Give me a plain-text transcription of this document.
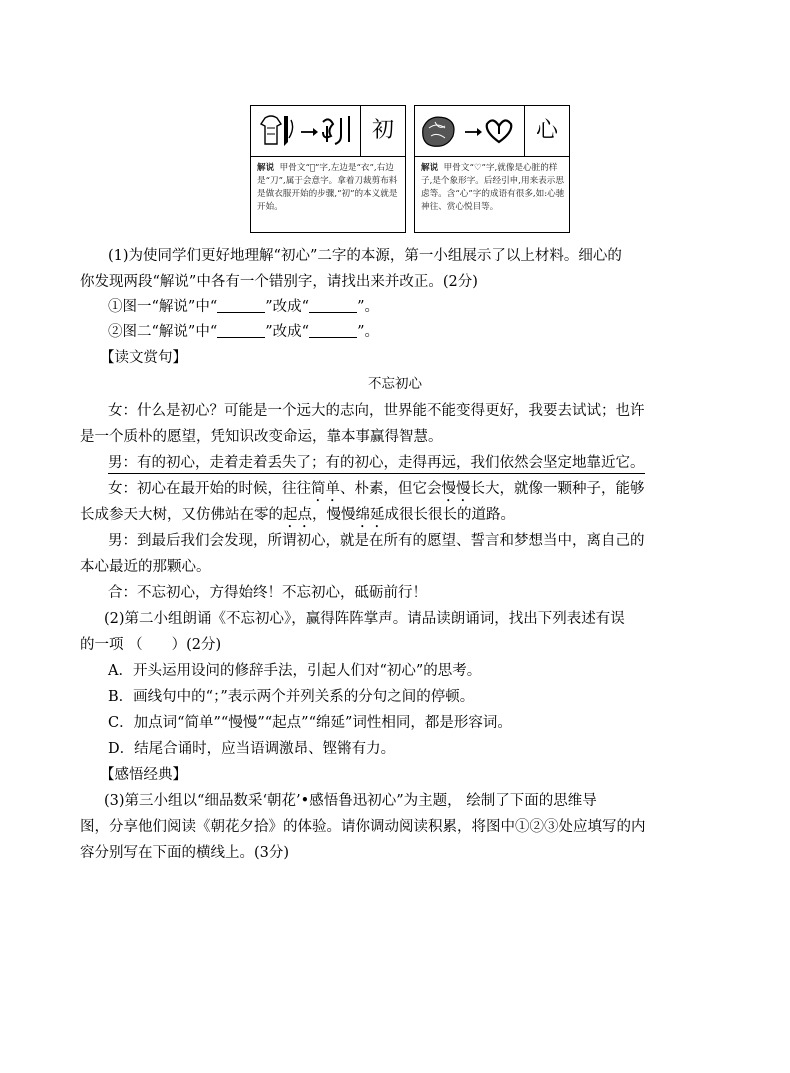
初
解说 甲骨文“𠇢”字,左边是“衣”,右边是“刀”,属于会意字。拿着刀裁剪布料是做衣服开始的步骤,“初”的本义就是开始。
心
解说 甲骨文“♡”字,就像是心脏的样子,是个象形字。后经引申,用来表示思虑等。含“心”字的成语有很多,如:心驰神往、赏心悦目等。
(1)为使同学们更好地理解“初心”二字的本源，第一小组展示了以上材料。细心的
你发现两段“解说”中各有一个错别字，请找出来并改正。(2分)
①图一“解说”中“	”改成“	”。
②图二“解说”中“	”改成“	”。
【读文赏句】
不忘初心
女：什么是初心？可能是一个远大的志向，世界能不能变得更好，我要去试试；也许
是一个质朴的愿望，凭知识改变命运，靠本事赢得智慧。
男：有的初心，走着走着丢失了；有的初心，走得再远，我们依然会坚定地靠近它。
女：初心在最开始的时候，往往简单、朴素，但它会慢慢长大，就像一颗种子，能够
长成参天大树，又仿佛站在零的起点，慢慢绵延成很长很长的道路。
男：到最后我们会发现，所谓初心，就是在所有的愿望、誓言和梦想当中，离自己的
本心最近的那颗心。
合：不忘初心，方得始终！不忘初心，砥砺前行！
(2)第二小组朗诵《不忘初心》，赢得阵阵掌声。请品读朗诵词，找出下列表述有误
的一项 （　　）(2分)
A．开头运用设问的修辞手法，引起人们对“初心”的思考。
B．画线句中的“；”表示两个并列关系的分句之间的停顿。
C．加点词“简单”“慢慢”“起点”“绵延”词性相同，都是形容词。
D．结尾合诵时，应当语调激昂、铿锵有力。
【感悟经典】
(3)第三小组以“细品数采‘朝花’•感悟鲁迅初心”为主题， 绘制了下面的思维导
图，分享他们阅读《朝花夕拾》的体验。请你调动阅读积累，将图中①②③处应填写的内
容分别写在下面的横线上。(3分)
